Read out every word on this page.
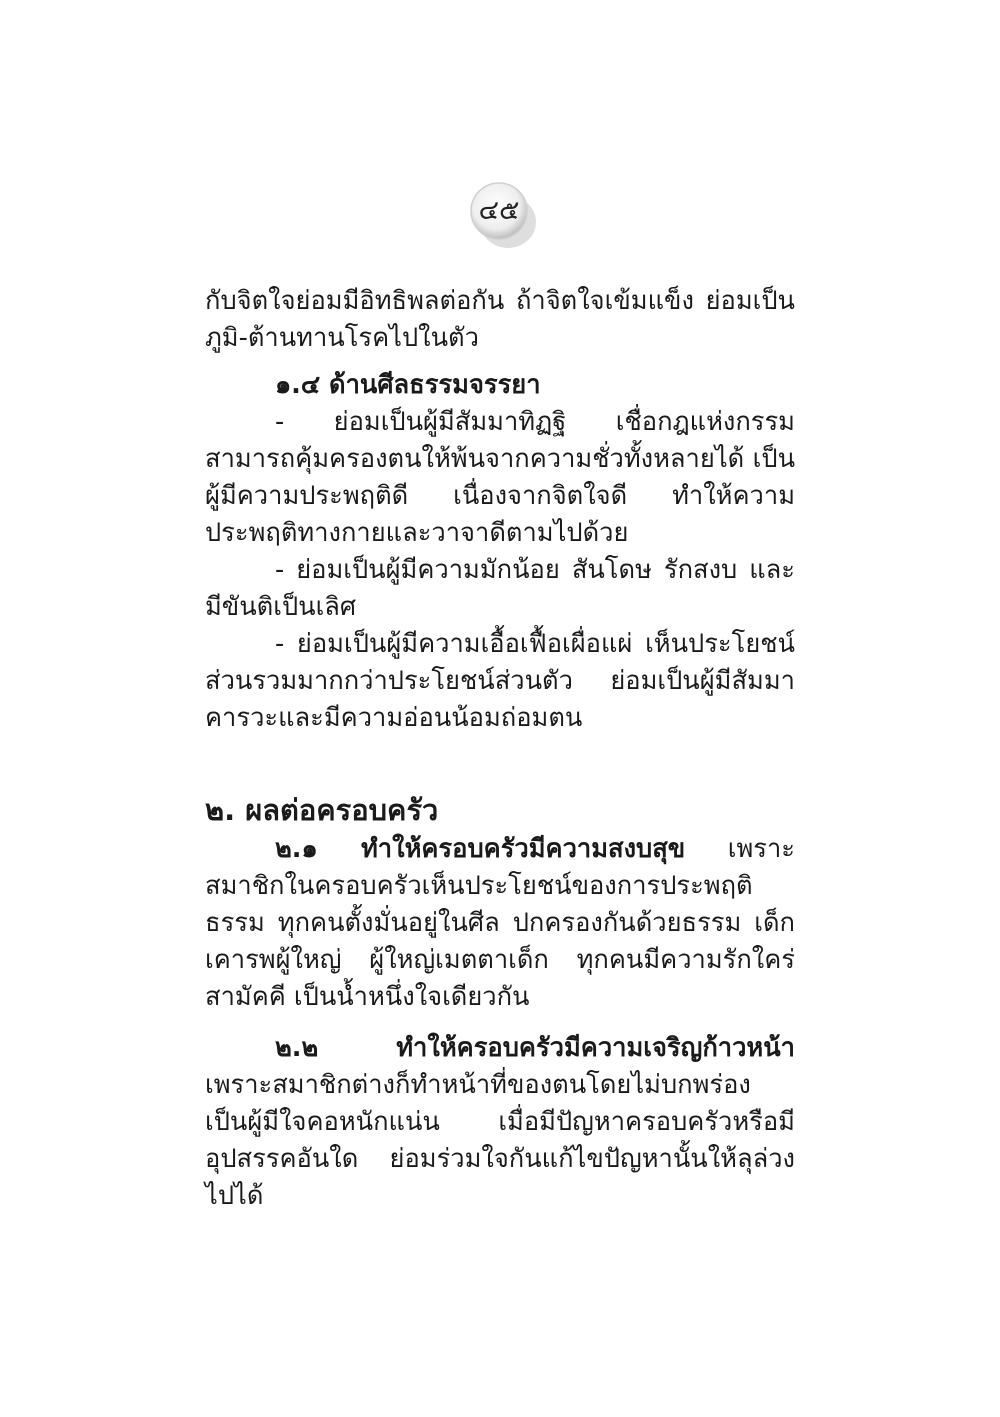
๔๕

กับจิตใจย่อมมีอิทธิพลต่อกัน ถ้าจิตใจเข้มแข็ง ย่อมเป็นภูมิ-ต้านทานโรคไปในตัว

๑.๔ ด้านศีลธรรมจรรยา

- ย่อมเป็นผู้มีสัมมาทิฏฐิ เชื่อกฎแห่งกรรม สามารถคุ้มครองตนให้พ้นจากความชั่วทั้งหลายได้ เป็นผู้มีความประพฤติดี เนื่องจากจิตใจดี ทำให้ความประพฤติทางกายและวาจาดีตามไปด้วย

- ย่อมเป็นผู้มีความมักน้อย สันโดษ รักสงบ และมีขันติเป็นเลิศ

- ย่อมเป็นผู้มีความเอื้อเฟื้อเผื่อแผ่ เห็นประโยชน์ส่วนรวมมากกว่าประโยชน์ส่วนตัว ย่อมเป็นผู้มีสัมมาคารวะและมีความอ่อนน้อมถ่อมตน

๒. ผลต่อครอบครัว

๒.๑ ทำให้ครอบครัวมีความสงบสุข เพราะสมาชิกในครอบครัวเห็นประโยชน์ของการประพฤติธรรม ทุกคนตั้งมั่นอยู่ในศีล ปกครองกันด้วยธรรม เด็กเคารพผู้ใหญ่ ผู้ใหญ่เมตตาเด็ก ทุกคนมีความรักใคร่สามัคคี เป็นน้ำหนึ่งใจเดียวกัน

๒.๒ ทำให้ครอบครัวมีความเจริญก้าวหน้า เพราะสมาชิกต่างก็ทำหน้าที่ของตนโดยไม่บกพร่อง เป็นผู้มีใจคอหนักแน่น เมื่อมีปัญหาครอบครัวหรือมีอุปสรรคอันใด ย่อมร่วมใจกันแก้ไขปัญหานั้นให้ลุล่วงไปได้
